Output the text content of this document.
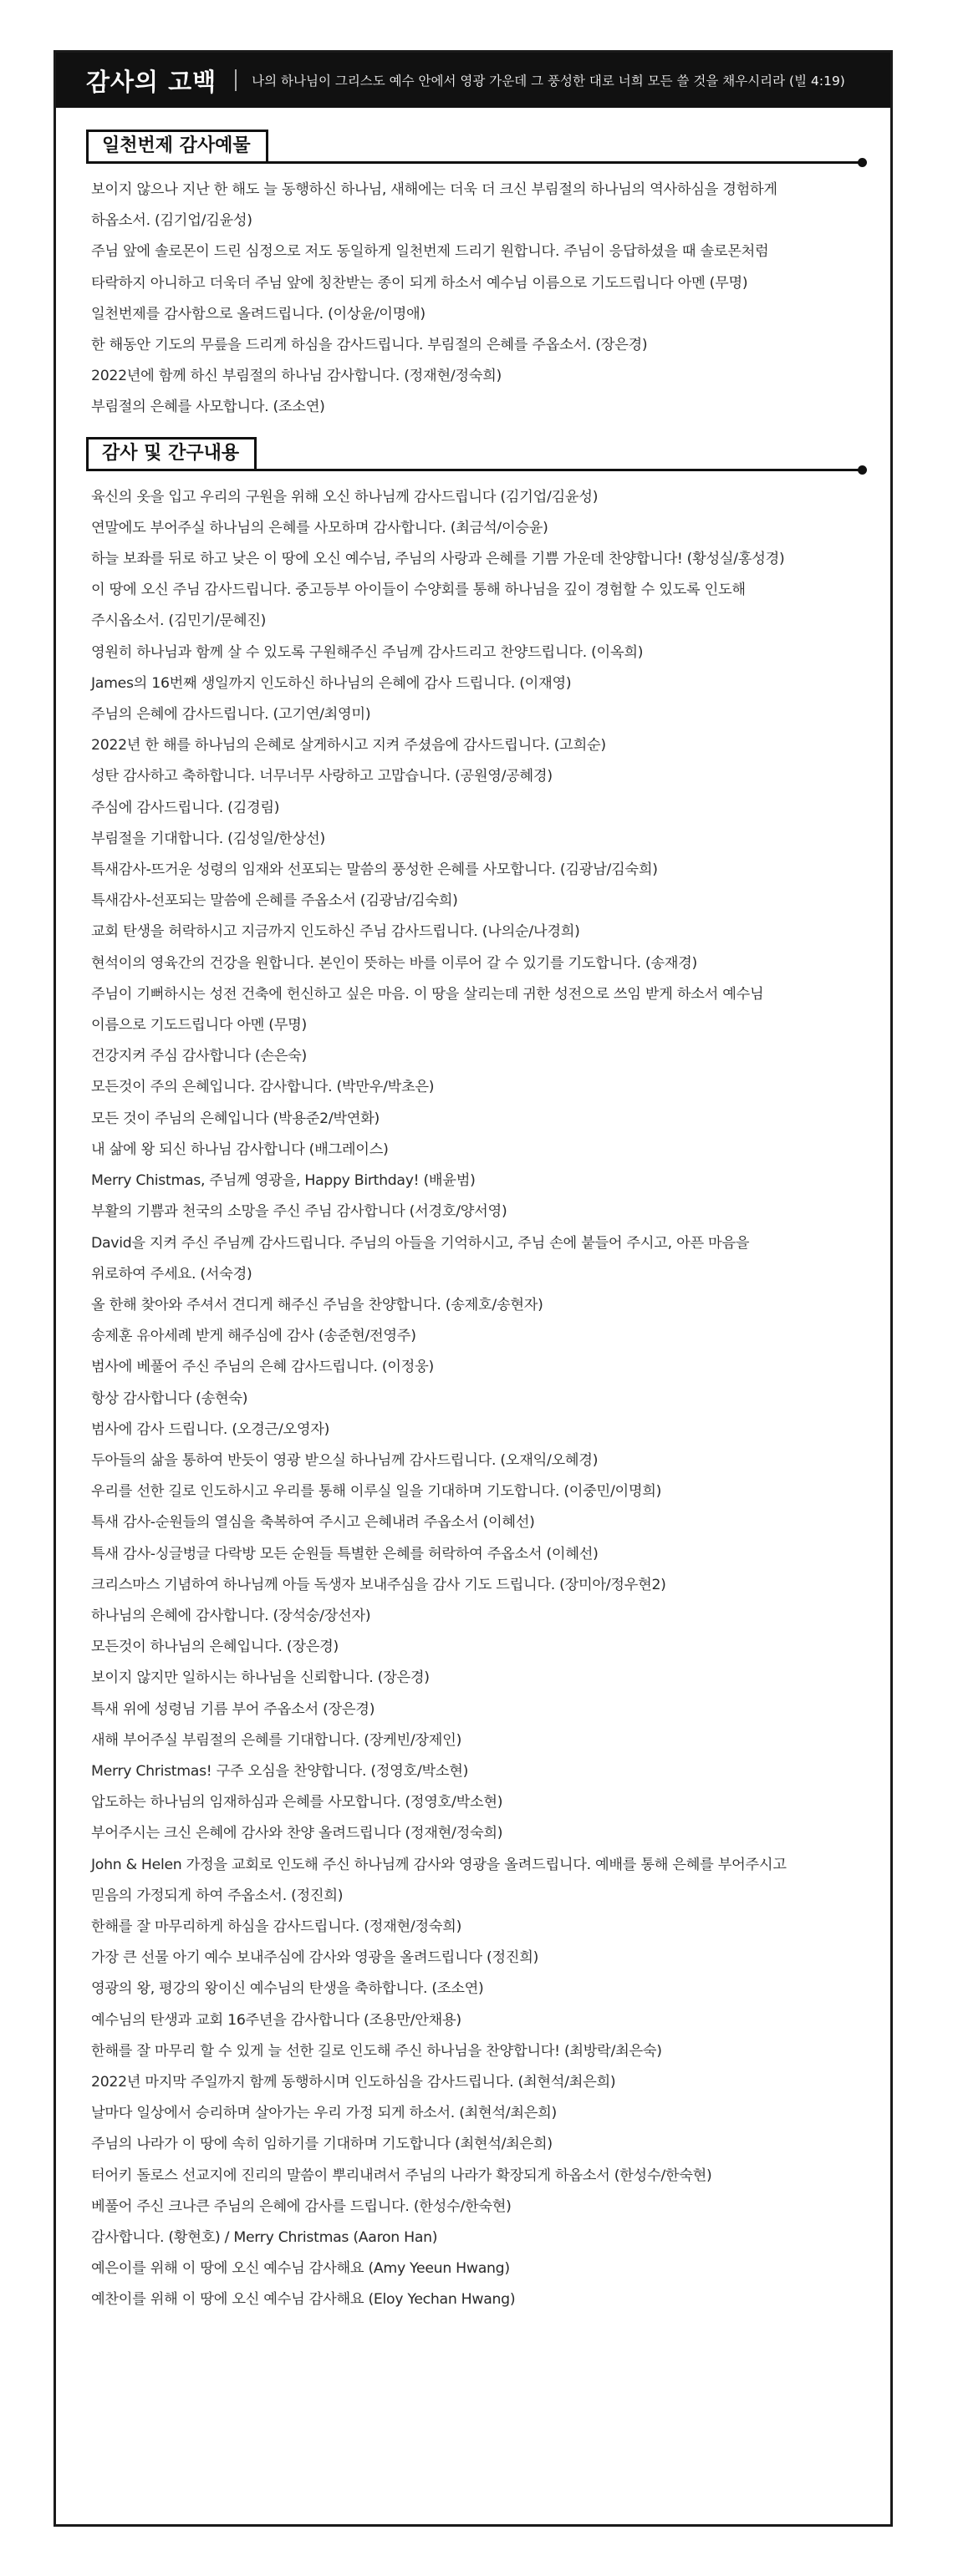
감사의 고백	나의 하나님이 그리스도 예수 안에서 영광 가운데 그 풍성한 대로 너희 모든 쓸 것을 채우시리라 (빌 4:19)
일천번제 감사예물
보이지 않으나 지난 한 해도 늘 동행하신 하나님, 새해에는 더욱 더 크신 부림절의 하나님의 역사하심을 경험하게
하옵소서. (김기업/김윤성)
주님 앞에 솔로몬이 드린 심정으로 저도 동일하게 일천번제 드리기 원합니다. 주님이 응답하셨을 때 솔로몬처럼
타락하지 아니하고 더욱더 주님 앞에 칭찬받는 종이 되게 하소서 예수님 이름으로 기도드립니다 아멘 (무명)
일천번제를 감사함으로 올려드립니다. (이상윤/이명애)
한 해동안 기도의 무릎을 드리게 하심을 감사드립니다. 부림절의 은혜를 주옵소서. (장은경)
2022년에 함께 하신 부림절의 하나님 감사합니다. (정재현/정숙희)
부림절의 은혜를 사모합니다. (조소연)
감사 및 간구내용
육신의 옷을 입고 우리의 구원을 위해 오신 하나님께 감사드립니다 (김기업/김윤성)
연말에도 부어주실 하나님의 은혜를 사모하며 감사합니다. (최금석/이승윤)
하늘 보좌를 뒤로 하고 낮은 이 땅에 오신 예수님, 주님의 사랑과 은혜를 기쁨 가운데 찬양합니다! (황성실/홍성경)
이 땅에 오신 주님 감사드립니다. 중고등부 아이들이 수양회를 통해 하나님을 깊이 경험할 수 있도록 인도해
주시옵소서. (김민기/문혜진)
영원히 하나님과 함께 살 수 있도록 구원해주신 주님께 감사드리고 찬양드립니다. (이옥희)
James의 16번째 생일까지 인도하신 하나님의 은혜에 감사 드립니다. (이재영)
주님의 은혜에 감사드립니다. (고기연/최영미)
2022년 한 해를 하나님의 은혜로 살게하시고 지켜 주셨음에 감사드립니다. (고희순)
성탄 감사하고 축하합니다. 너무너무 사랑하고 고맙습니다. (공원영/공혜경)
주심에 감사드립니다. (김경림)
부림절을 기대합니다. (김성일/한상선)
특새감사-뜨거운 성령의 임재와 선포되는 말씀의 풍성한 은혜를 사모합니다. (김광남/김숙희)
특새감사-선포되는 말씀에 은혜를 주옵소서 (김광남/김숙희)
교회 탄생을 허락하시고 지금까지 인도하신 주님 감사드립니다. (나의순/나경희)
현석이의 영육간의 건강을 원합니다. 본인이 뜻하는 바를 이루어 갈 수 있기를 기도합니다. (송재경)
주님이 기뻐하시는 성전 건축에 헌신하고 싶은 마음. 이 땅을 살리는데 귀한 성전으로 쓰임 받게 하소서 예수님
이름으로 기도드립니다 아멘 (무명)
건강지켜 주심 감사합니다 (손은숙)
모든것이 주의 은혜입니다. 감사합니다. (박만우/박초은)
모든 것이 주님의 은혜입니다 (박용준2/박연화)
내 삶에 왕 되신 하나님 감사합니다 (배그레이스)
Merry Chistmas, 주님께 영광을, Happy Birthday! (배윤범)
부활의 기쁨과 천국의 소망을 주신 주님 감사합니다 (서경호/양서영)
David을 지켜 주신 주님께 감사드립니다. 주님의 아들을 기억하시고, 주님 손에 붙들어 주시고, 아픈 마음을
위로하여 주세요. (서숙경)
올 한해 찾아와 주셔서 견디게 해주신 주님을 찬양합니다. (송제호/송현자)
송제훈 유아세례 받게 해주심에 감사 (송준현/전영주)
범사에 베풀어 주신 주님의 은혜 감사드립니다. (이정웅)
항상 감사합니다 (송현숙)
범사에 감사 드립니다. (오경근/오영자)
두아들의 삶을 통하여 반듯이 영광 받으실 하나님께 감사드립니다. (오재익/오혜경)
우리를 선한 길로 인도하시고 우리를 통해 이루실 일을 기대하며 기도합니다. (이중민/이명희)
특새 감사-순원들의 열심을 축복하여 주시고 은혜내려 주옵소서 (이혜선)
특새 감사-싱글벙글 다락방 모든 순원들 특별한 은혜를 허락하여 주옵소서 (이혜선)
크리스마스 기념하여 하나님께 아들 독생자 보내주심을 감사 기도 드립니다. (장미아/정우현2)
하나님의 은혜에 감사합니다. (장석숭/장선자)
모든것이 하나님의 은혜입니다. (장은경)
보이지 않지만 일하시는 하나님을 신뢰합니다. (장은경)
특새 위에 성령님 기름 부어 주옵소서 (장은경)
새해 부어주실 부림절의 은혜를 기대합니다. (장케빈/장제인)
Merry Christmas! 구주 오심을 찬양합니다. (정영호/박소현)
압도하는 하나님의 임재하심과 은혜를 사모합니다. (정영호/박소현)
부어주시는 크신 은혜에 감사와 찬양 올려드립니다 (정재현/정숙희)
John & Helen 가정을 교회로 인도해 주신 하나님께 감사와 영광을 올려드립니다. 예배를 통해 은혜를 부어주시고
믿음의 가정되게 하여 주옵소서. (정진희)
한해를 잘 마무리하게 하심을 감사드립니다. (정재현/정숙희)
가장 큰 선물 아기 예수 보내주심에 감사와 영광을 올려드립니다 (정진희)
영광의 왕, 평강의 왕이신 예수님의 탄생을 축하합니다. (조소연)
예수님의 탄생과 교회 16주년을 감사합니다 (조용만/안채용)
한해를 잘 마무리 할 수 있게 늘 선한 길로 인도해 주신 하나님을 찬양합니다! (최방락/최은숙)
2022년 마지막 주일까지 함께 동행하시며 인도하심을 감사드립니다. (최현석/최은희)
날마다 일상에서 승리하며 살아가는 우리 가정 되게 하소서. (최현석/최은희)
주님의 나라가 이 땅에 속히 임하기를 기대하며 기도합니다 (최현석/최은희)
터어키 돌로스 선교지에 진리의 말씀이 뿌리내려서 주님의 나라가 확장되게 하옵소서 (한성수/한숙현)
베풀어 주신 크나큰 주님의 은혜에 감사를 드립니다. (한성수/한숙현)
감사합니다. (황현호) / Merry Christmas (Aaron Han)
예은이를 위해 이 땅에 오신 예수님 감사해요 (Amy Yeeun Hwang)
예찬이를 위해 이 땅에 오신 예수님 감사해요 (Eloy Yechan Hwang)
